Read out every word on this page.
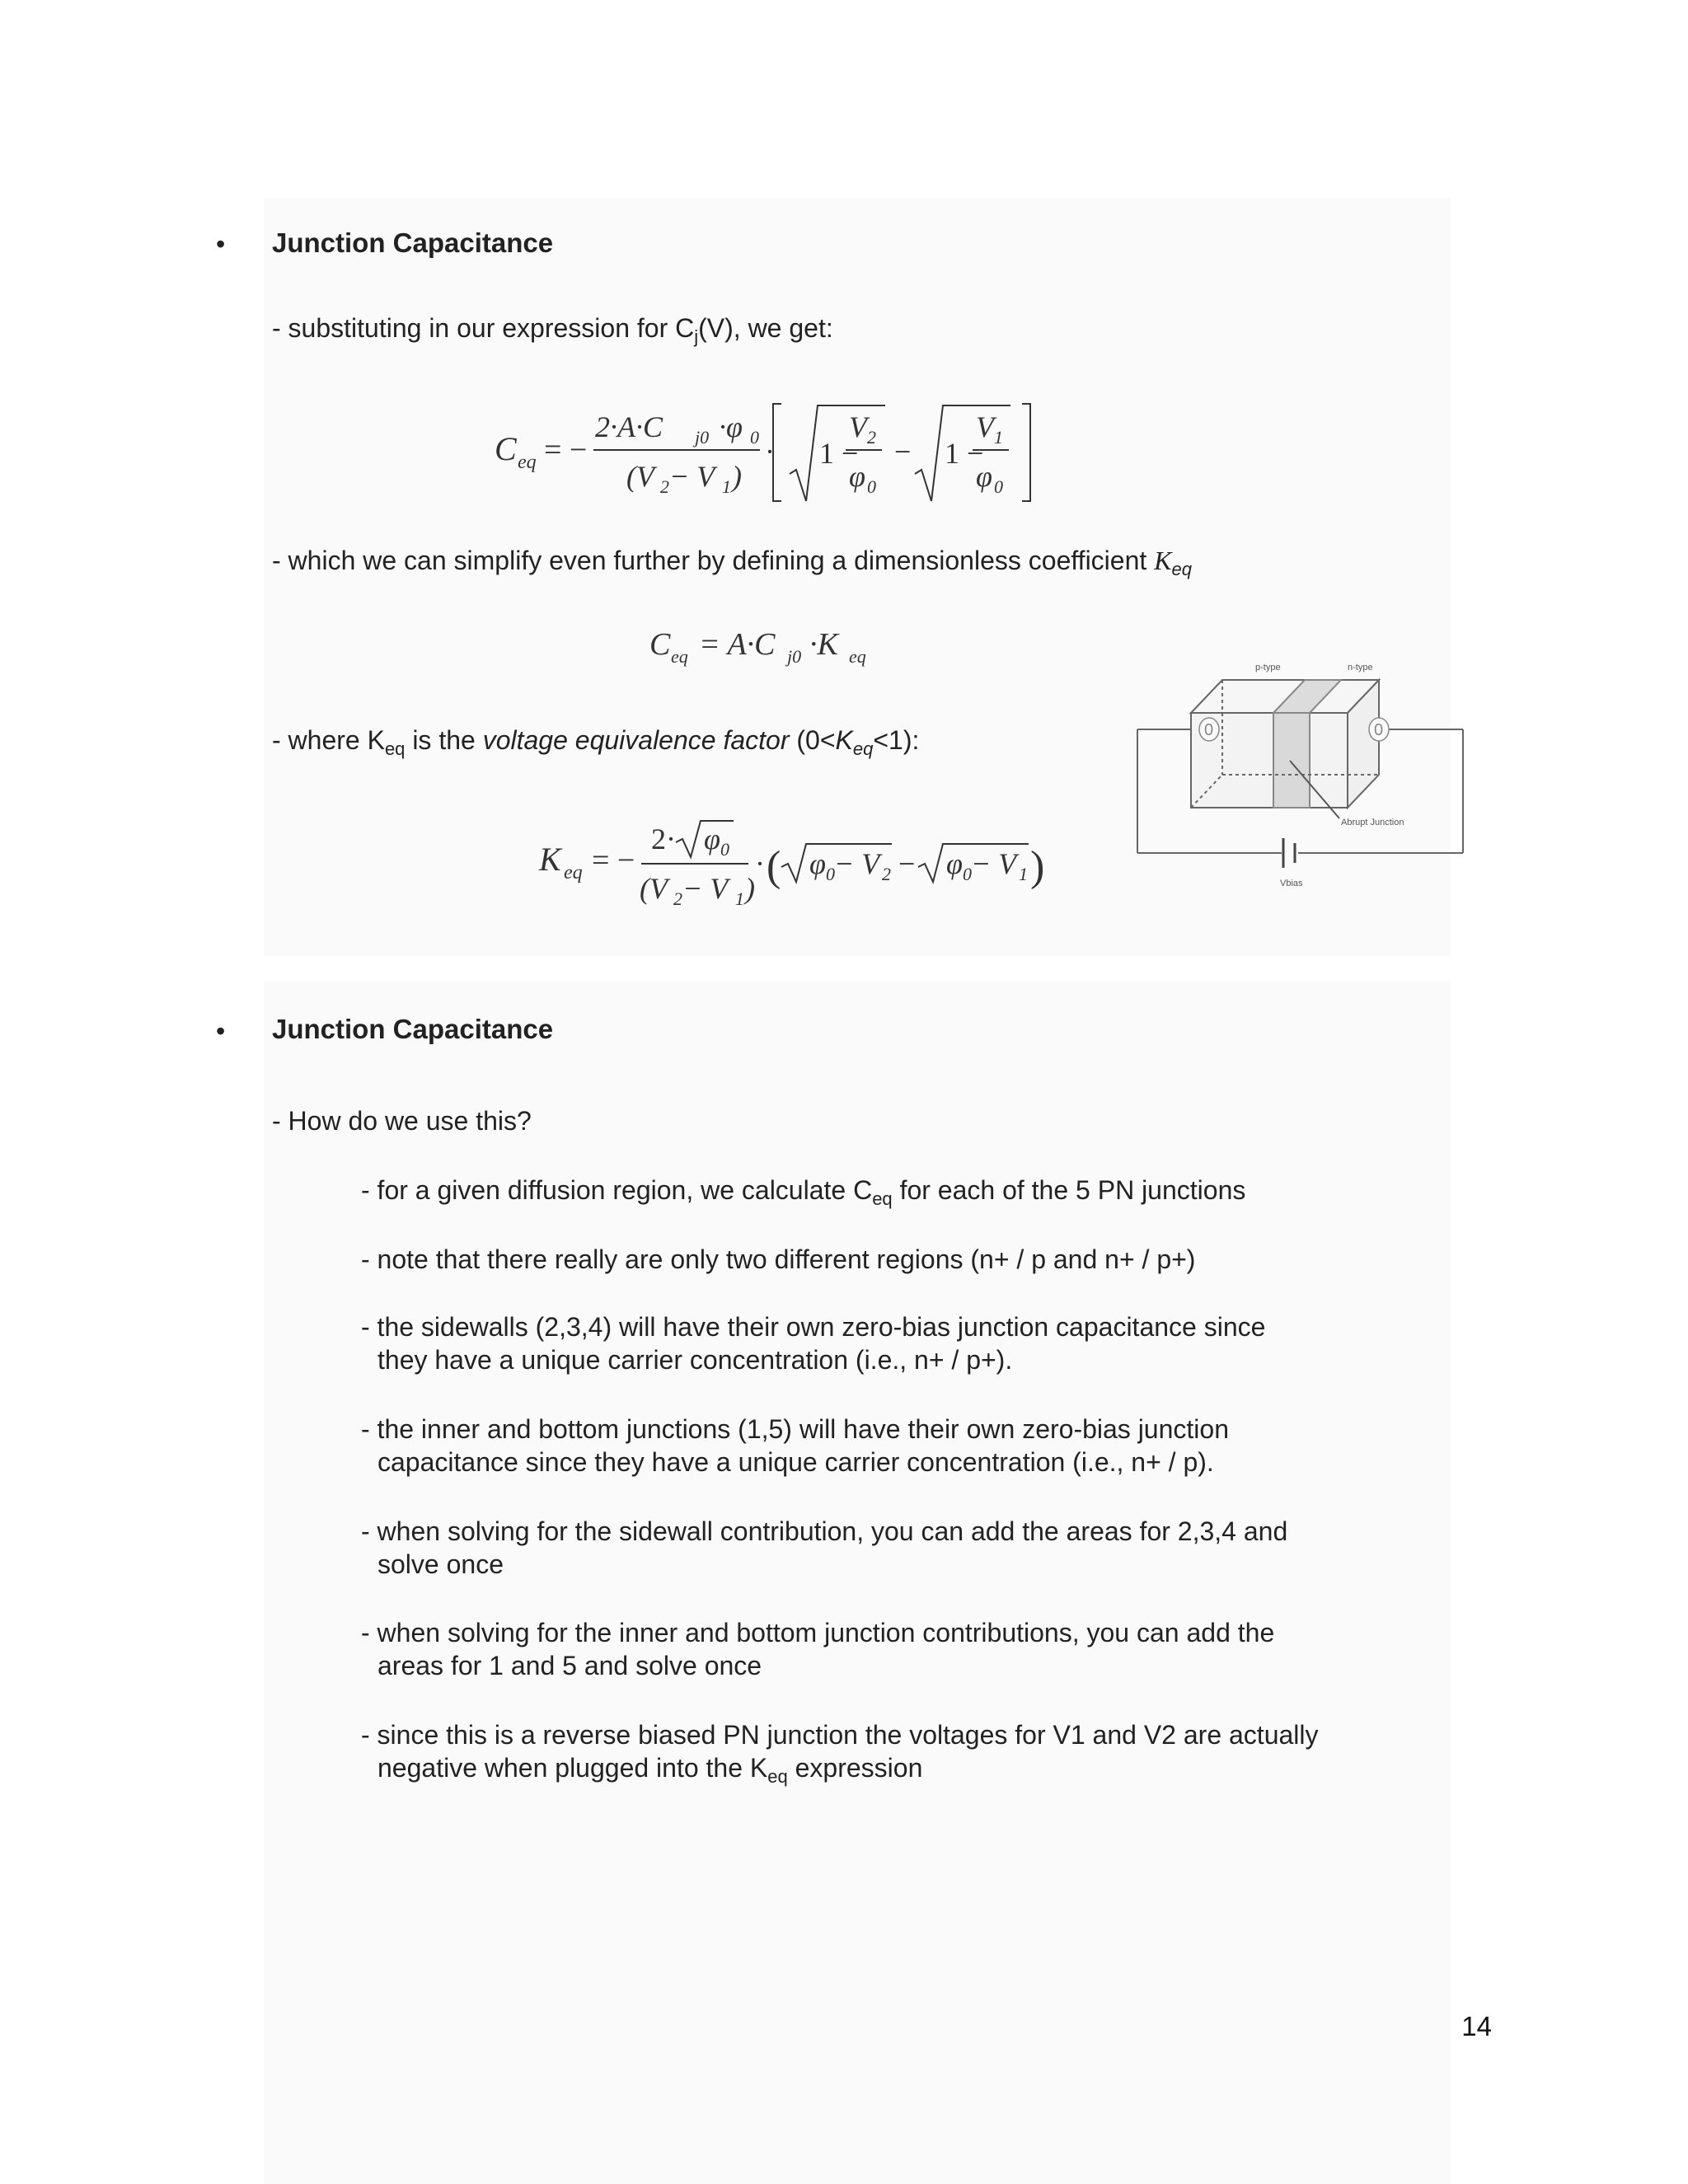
• Junction Capacitance
- substituting in our expression for $C_j(V)$, we get:
C eq = −
2·A·C j0 ·φ 0
(V 2 − V 1 )
· 1 −
V 2
φ 0
− 1 −
V 1
φ 0
- which we can simplify even further by defining a dimensionless coefficient $K_{eq}$
C eq = A·C j0 ·K eq
- where $K_{eq}$ is the voltage equivalence factor $(0<K_{eq}<1)$:
K eq = −
2· φ 0
(V 2 − V 1 )
· ( φ 0 − V 2 − φ 0 − V 1 )
p-type	n-type
Abrupt Junction
Vbias
0	0
• Junction Capacitance
- How do we use this?
- for a given diffusion region, we calculate $C_{eq}$ for each of the 5 PN junctions
- note that there really are only two different regions (n+ / p and n+ / p+)
- the sidewalls (2,3,4) will have their own zero-bias junction capacitance since
they have a unique carrier concentration (i.e., n+ / p+).
- the inner and bottom junctions (1,5) will have their own zero-bias junction
capacitance since they have a unique carrier concentration (i.e., n+ / p).
- when solving for the sidewall contribution, you can add the areas for 2,3,4 and
solve once
- when solving for the inner and bottom junction contributions, you can add the
areas for 1 and 5 and solve once
- since this is a reverse biased PN junction the voltages for V1 and V2 are actually
negative when plugged into the $K_{eq}$ expression
14
